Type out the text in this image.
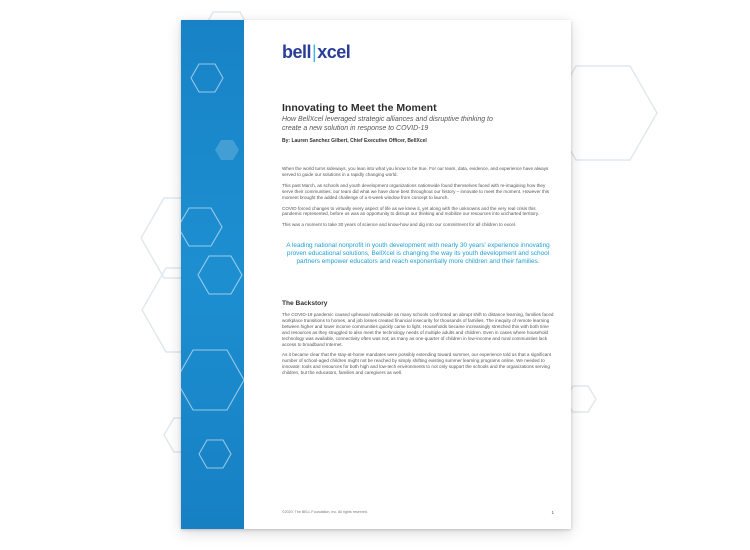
bell | xcel
Innovating to Meet the Moment
How BellXcel leveraged strategic alliances and disruptive thinking to create a new solution in response to COVID-19
By: Lauren Sanchez Gilbert, Chief Executive Officer, BellXcel

When the world turns sideways, you lean into what you know to be true. For our team, data, evidence, and experience have always served to guide our solutions in a rapidly changing world.

This past March, as schools and youth development organizations nationwide found themselves faced with re-imagining how they serve their communities, our team did what we have done best throughout our history – innovate to meet the moment. However this moment brought the added challenge of a 6-week window from concept to launch.

COVID forced changes to virtually every aspect of life as we knew it, yet along with the unknowns and the very real crisis this pandemic represented, before us was an opportunity to disrupt our thinking and mobilize our resources into uncharted territory.

This was a moment to take 30 years of science and know-how and dig into our commitment for all children to excel.

A leading national nonprofit in youth development with nearly 30 years' experience innovating proven educational solutions, BellXcel is changing the way its youth development and school partners empower educators and reach exponentially more children and their families.
The Backstory

The COVID-19 pandemic caused upheaval nationwide as many schools confronted an abrupt shift to distance learning, families faced workplace transitions to homes, and job losses created financial insecurity for thousands of families. The inequity of remote learning between higher and lower income communities quickly came to light. Households became increasingly stretched thin with both time and resources as they struggled to also meet the technology needs of multiple adults and children. Even in cases where household technology was available, connectivity often was not; as many as one-quarter of children in low-income and rural communities lack access to broadband Internet.

As it became clear that the stay-at-home mandates were possibly extending toward summer, our experience told us that a significant number of school-aged children might not be reached by simply shifting existing summer learning programs online. We needed to innovate: tools and resources for both high and low-tech environments to not only support the schools and the organizations serving children, but the educators, families and caregivers as well.

©2020. The BELL Foundation, Inc. All rights reserved.	1
